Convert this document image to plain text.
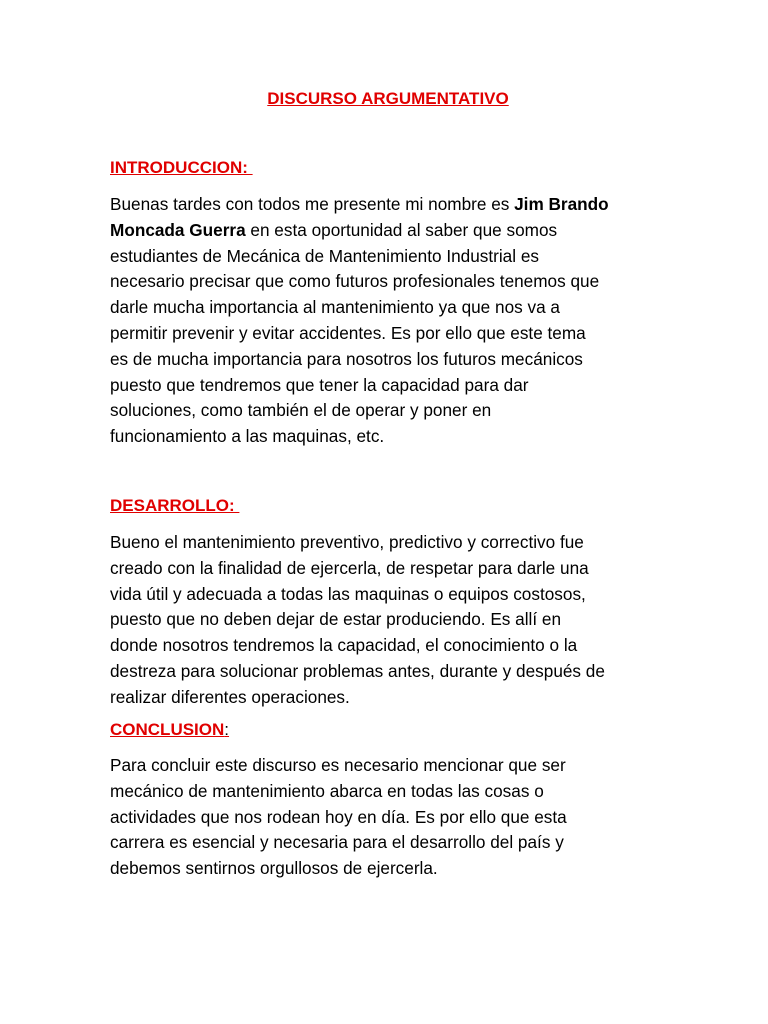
DISCURSO ARGUMENTATIVO
INTRODUCCION:
Buenas tardes con todos me presente mi nombre es Jim Brando
Moncada Guerra en esta oportunidad al saber que somos
estudiantes de Mecánica de Mantenimiento Industrial es
necesario precisar que como futuros profesionales tenemos que
darle mucha importancia al mantenimiento ya que nos va a
permitir prevenir y evitar accidentes. Es por ello que este tema
es de mucha importancia para nosotros los futuros mecánicos
puesto que tendremos que tener la capacidad para dar
soluciones, como también el de operar y poner en
funcionamiento a las maquinas, etc.
DESARROLLO:
Bueno el mantenimiento preventivo, predictivo y correctivo fue
creado con la finalidad de ejercerla, de respetar para darle una
vida útil y adecuada a todas las maquinas o equipos costosos,
puesto que no deben dejar de estar produciendo. Es allí en
donde nosotros tendremos la capacidad, el conocimiento o la
destreza para solucionar problemas antes, durante y después de
realizar diferentes operaciones.
CONCLUSION:
Para concluir este discurso es necesario mencionar que ser
mecánico de mantenimiento abarca en todas las cosas o
actividades que nos rodean hoy en día. Es por ello que esta
carrera es esencial y necesaria para el desarrollo del país y
debemos sentirnos orgullosos de ejercerla.
